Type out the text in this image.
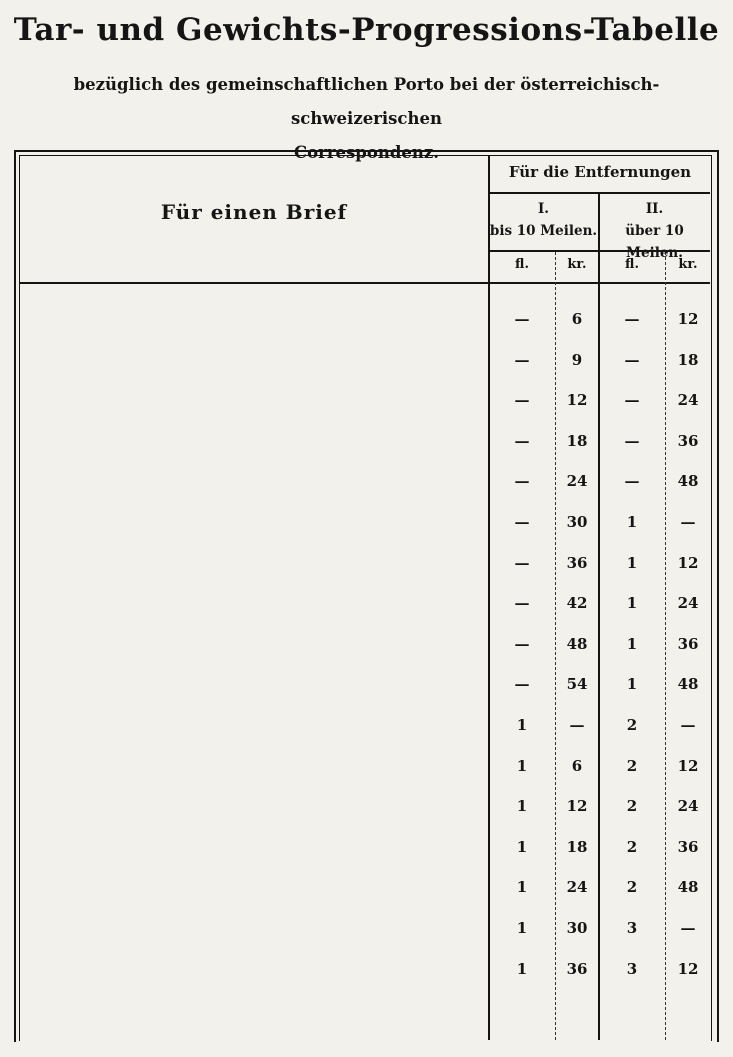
Tar- und Gewichts-Progressions-Tabelle
bezüglich des gemeinschaftlichen Porto bei der österreichisch-schweizerischen
Correspondenz.
Für einen Brief
Für die Entfernungen
I.
bis 10 Meilen.
II.
über 10 Meilen.
fl.	kr.	fl.	kr.
—	6	—	12
—	9	—	18
—	12	—	24
—	18	—	36
—	24	—	48
—	30	1	—
—	36	1	12
—	42	1	24
—	48	1	36
—	54	1	48
1	—	2	—
1	6	2	12
1	12	2	24
1	18	2	36
1	24	2	48
1	30	3	—
1	36	3	12
